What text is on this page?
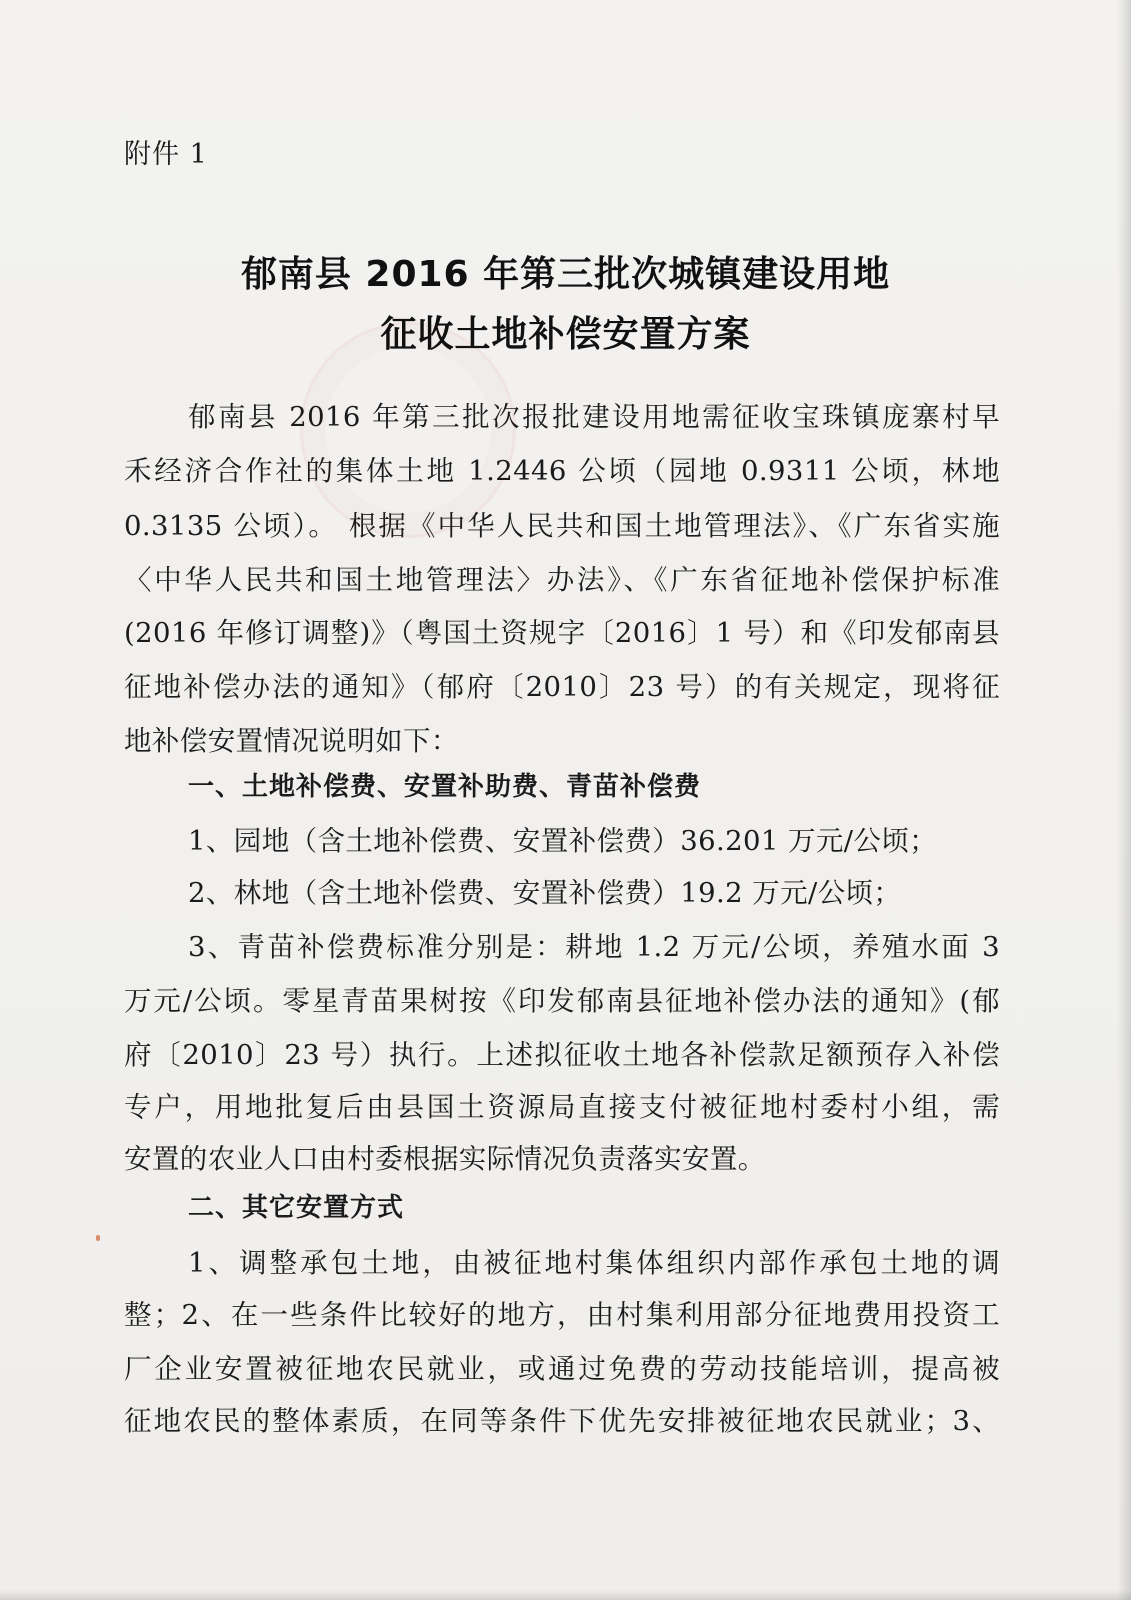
附件 1
郁南县 2016 年第三批次城镇建设用地
征收土地补偿安置方案
郁南县 2016 年第三批次报批建设用地需征收宝珠镇庞寨村早
禾经济合作社的集体土地 1.2446 公顷（园地 0.9311 公顷，林地
0.3135 公顷）。 根据《中华人民共和国土地管理法》、《广东省实施
〈中华人民共和国土地管理法〉办法》、《广东省征地补偿保护标准
(2016 年修订调整)》（粤国土资规字〔2016〕1 号）和《印发郁南县
征地补偿办法的通知》（郁府〔2010〕23 号）的有关规定，现将征
地补偿安置情况说明如下：
一、土地补偿费、安置补助费、青苗补偿费
1、园地（含土地补偿费、安置补偿费）36.201 万元/公顷；
2、林地（含土地补偿费、安置补偿费）19.2 万元/公顷；
3、青苗补偿费标准分别是：耕地 1.2 万元/公顷，养殖水面 3
万元/公顷。零星青苗果树按《印发郁南县征地补偿办法的通知》(郁
府〔2010〕23 号）执行。上述拟征收土地各补偿款足额预存入补偿
专户，用地批复后由县国土资源局直接支付被征地村委村小组，需
安置的农业人口由村委根据实际情况负责落实安置。
二、其它安置方式
1、调整承包土地，由被征地村集体组织内部作承包土地的调
整；2、在一些条件比较好的地方，由村集利用部分征地费用投资工
厂企业安置被征地农民就业，或通过免费的劳动技能培训，提高被
征地农民的整体素质，在同等条件下优先安排被征地农民就业；3、
